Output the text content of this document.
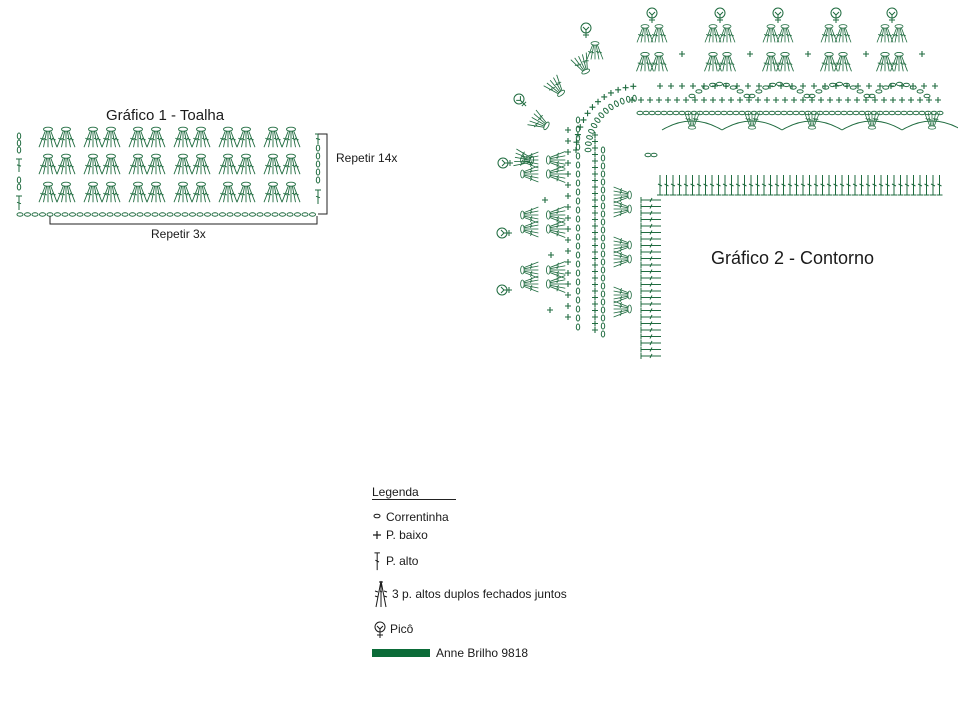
Gráfico 1 - Toalha
Repetir 14x
Repetir 3x
Gráfico 2 - Contorno
Legenda
Correntinha
P. baixo
P. alto
3 p. altos duplos fechados juntos
Picô
Anne Brilho 9818
